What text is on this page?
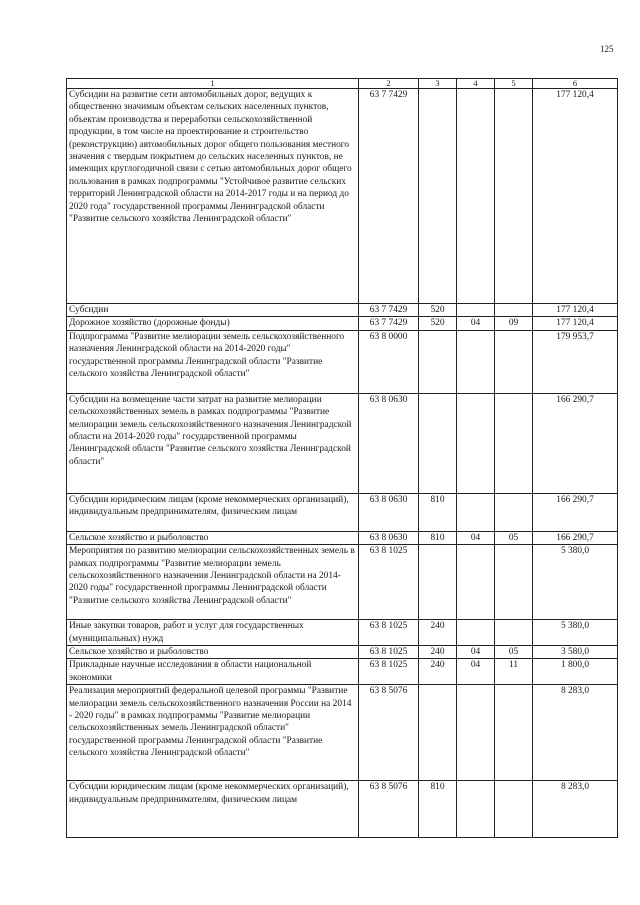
125
1	2	3	4	5	6
Субсидии на развитие сети автомобильных дорог, ведущих к общественно значимым объектам сельских населенных пунктов, объектам производства и переработки сельскохозяйственной продукции, в том числе на проектирование и строительство (реконструкцию) автомобильных дорог общего пользования местного значения с твердым покрытием до сельских населенных пунктов, не имеющих круглогодичной связи с сетью автомобильных дорог общего пользования в рамках подпрограммы "Устойчивое развитие сельских территорий Ленинградской области на 2014-2017 годы и на период до 2020 года" государственной программы Ленинградской области "Развитие сельского хозяйства Ленинградской области"	63 7 7429				177 120,4
Субсидии	63 7 7429	520			177 120,4
Дорожное хозяйство (дорожные фонды)	63 7 7429	520	04	09	177 120,4
Подпрограмма "Развитие мелиорации земель сельскохозяйственного назначения Ленинградской области на 2014-2020 годы" государственной программы Ленинградской области "Развитие сельского хозяйства Ленинградской области"	63 8 0000				179 953,7
Субсидии на возмещение части затрат на развитие мелиорации сельскохозяйственных земель в рамках подпрограммы "Развитие мелиорации земель сельскохозяйственного назначения Ленинградской области на 2014-2020 годы" государственной программы Ленинградской области "Развитие сельского хозяйства Ленинградской области"	63 8 0630				166 290,7
Субсидии юридическим лицам (кроме некоммерческих организаций), индивидуальным предпринимателям, физическим лицам	63 8 0630	810			166 290,7
Сельское хозяйство и рыболовство	63 8 0630	810	04	05	166 290,7
Мероприятия по развитию мелиорации сельскохозяйственных земель в рамках подпрограммы "Развитие мелиорации земель сельскохозяйственного назначения Ленинградской области на 2014-2020 годы" государственной программы Ленинградской области "Развитие сельского хозяйства Ленинградской области"	63 8 1025				5 380,0
Иные закупки товаров, работ и услуг для государственных (муниципальных) нужд	63 8 1025	240			5 380,0
Сельское хозяйство и рыболовство	63 8 1025	240	04	05	3 580,0
Прикладные научные исследования в области национальной экономики	63 8 1025	240	04	11	1 800,0
Реализация мероприятий федеральной целевой программы "Развитие мелиорации земель сельскохозяйственного назначения России на 2014 - 2020 годы" в рамках подпрограммы "Развитие мелиорации сельскохозяйственных земель Ленинградской области" государственной программы Ленинградской области "Развитие сельского хозяйства Ленинградской области"	63 8 5076				8 283,0
Субсидии юридическим лицам (кроме некоммерческих организаций), индивидуальным предпринимателям, физическим лицам	63 8 5076	810			8 283,0
